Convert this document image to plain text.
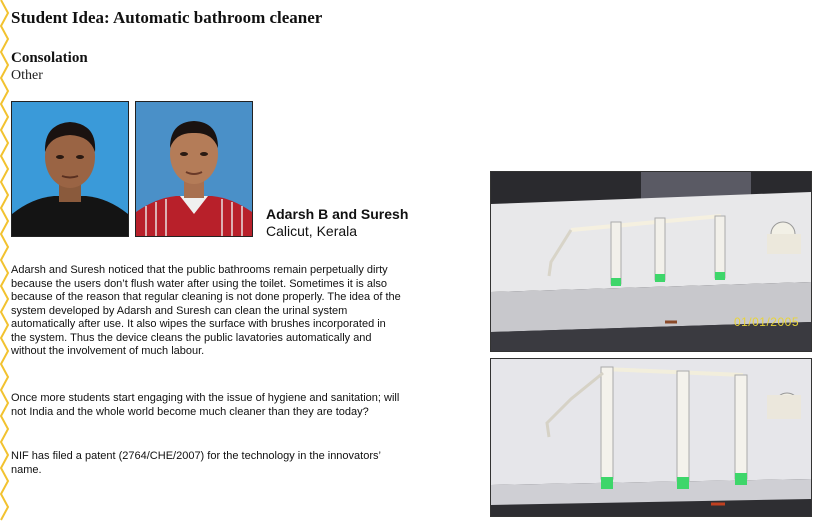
Student Idea: Automatic bathroom cleaner
Consolation
Other
Adarsh B and Suresh
Calicut, Kerala
Adarsh and Suresh noticed that the public bathrooms remain perpetually dirty because the users don’t flush water after using the toilet. Sometimes it is also because of the reason that regular cleaning is not done properly. The idea of the system developed by Adarsh and Suresh can clean the urinal system automatically after use. It also wipes the surface with brushes incorporated in the system. Thus the device cleans the public lavatories automatically and without the involvement of much labour.
Once more students start engaging with the issue of hygiene and sanitation; will not India and the whole world become much cleaner than they are today?
NIF has filed a patent (2764/CHE/2007) for the technology in the innovators’ name.
01/01/2005
